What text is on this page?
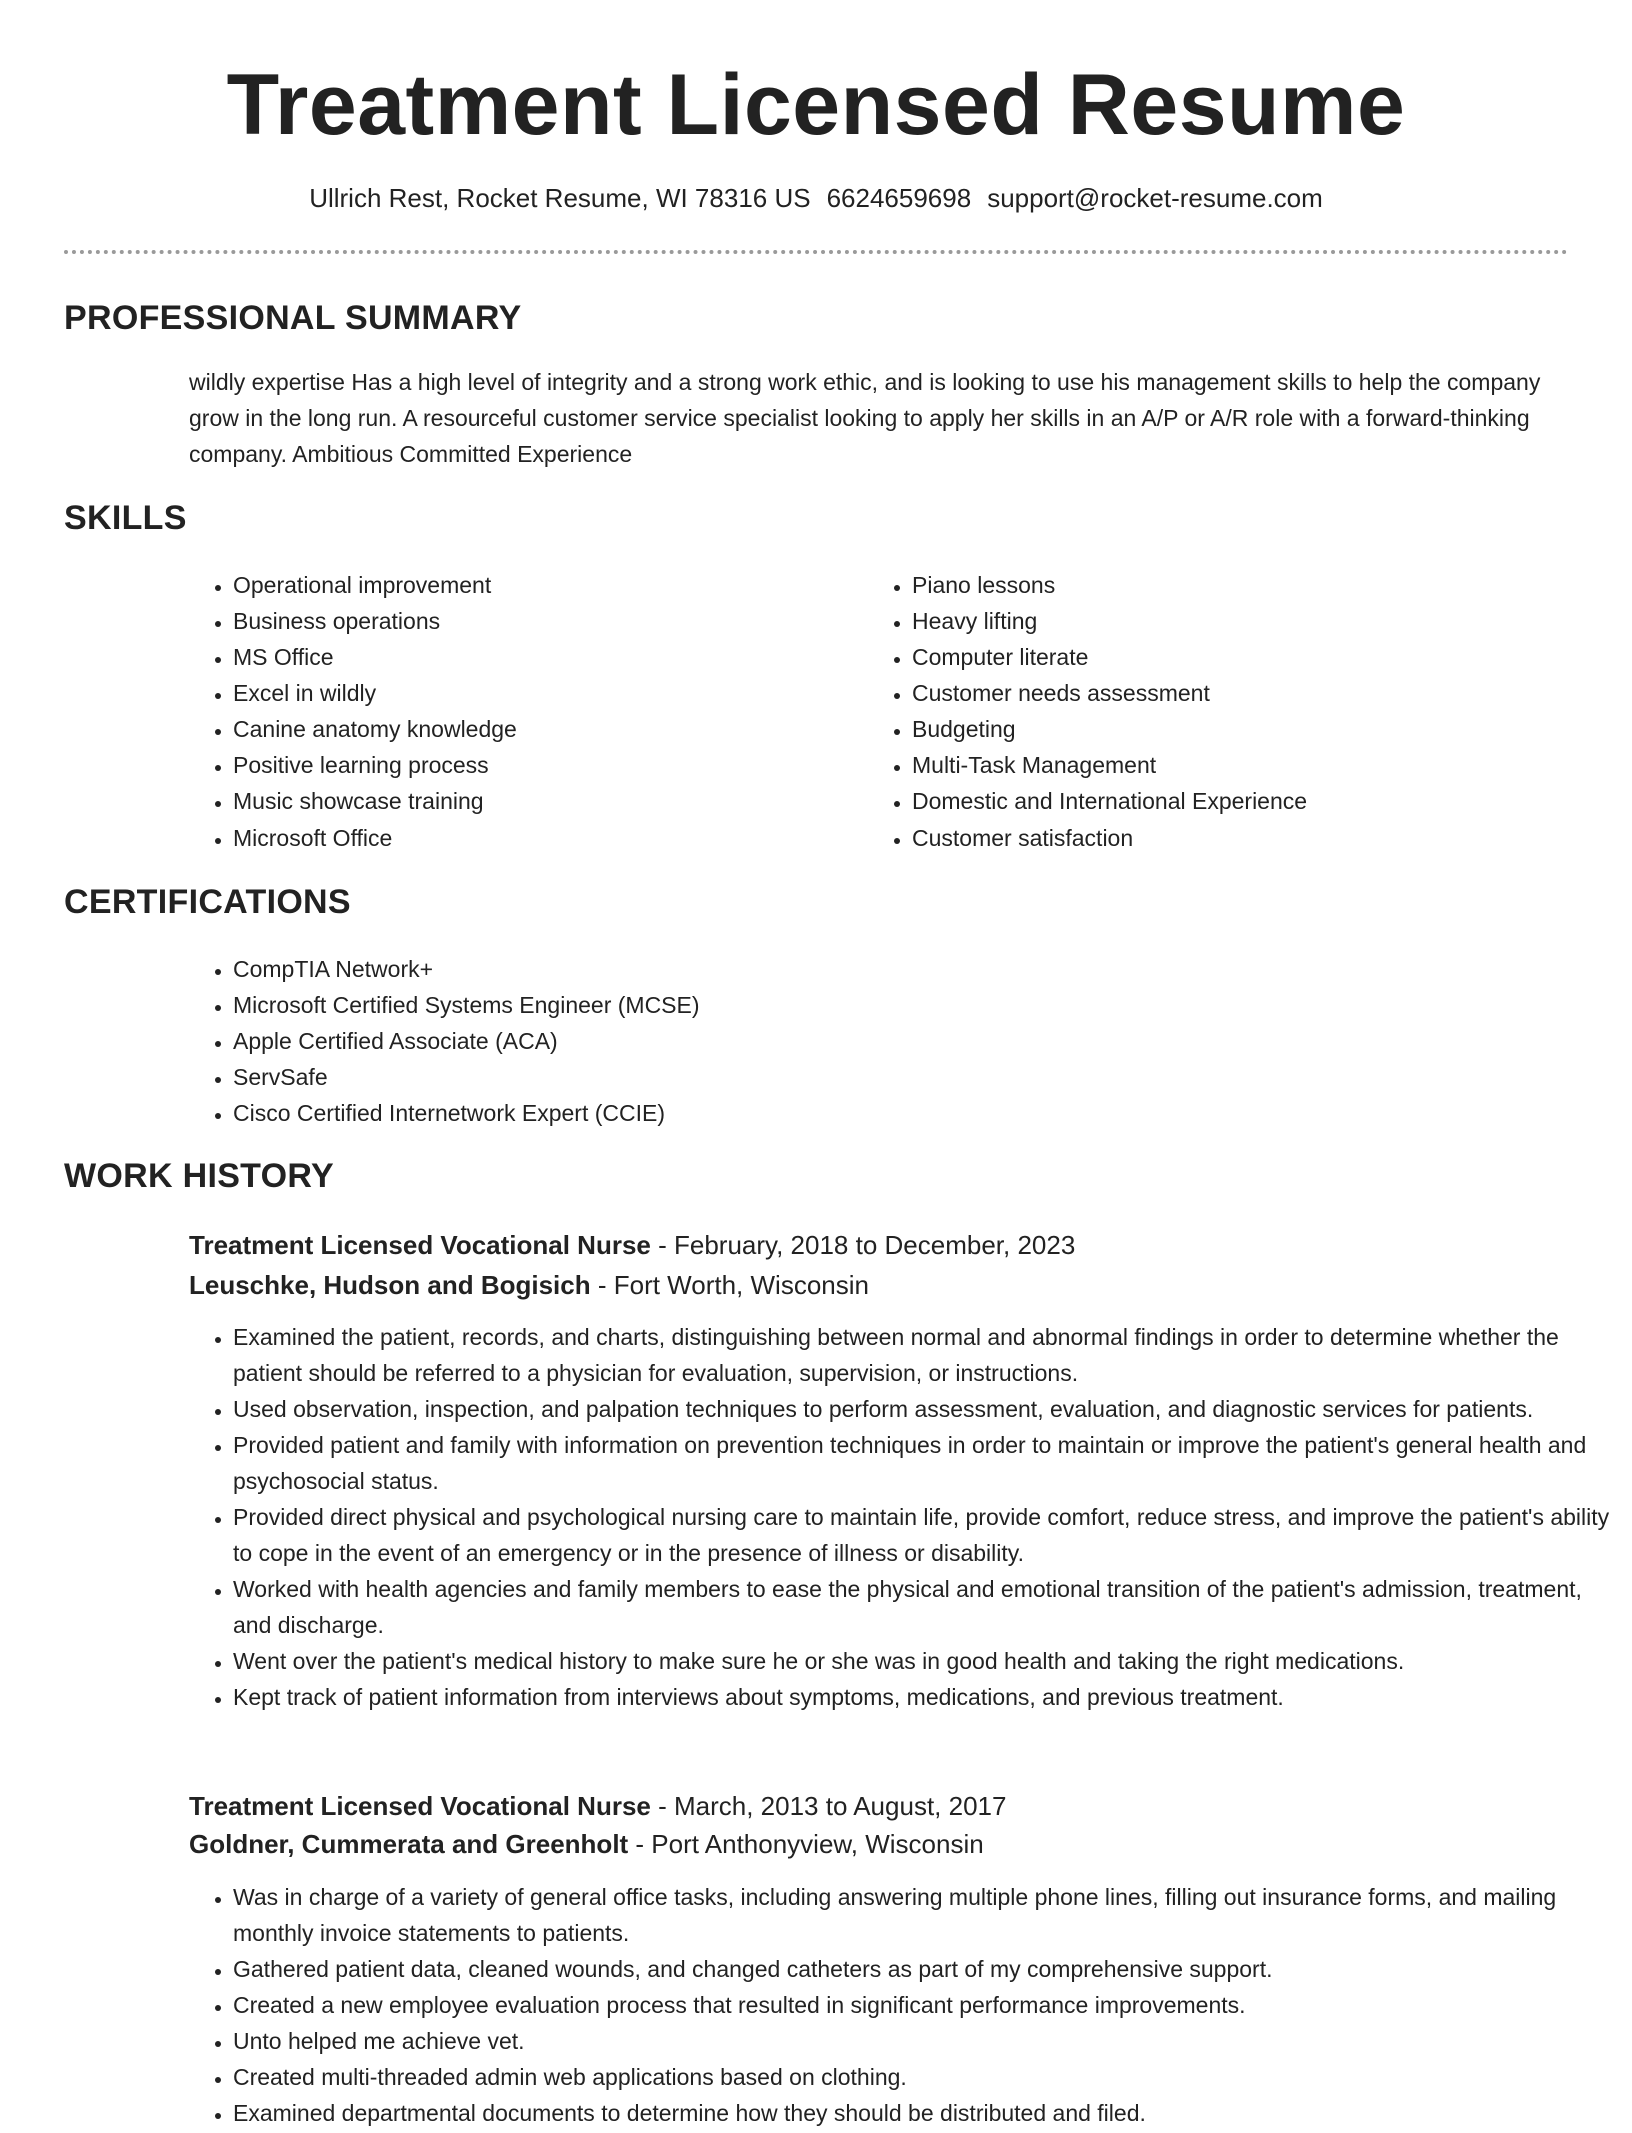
Treatment Licensed Resume
Ullrich Rest, Rocket Resume, WI 78316 US 6624659698 support@rocket-resume.com
PROFESSIONAL SUMMARY

wildly expertise Has a high level of integrity and a strong work ethic, and is looking to use his management skills to help the company grow in the long run. A resourceful customer service specialist looking to apply her skills in an A/P or A/R role with a forward-thinking company. Ambitious Committed Experience

SKILLS
• Operational improvement
• Business operations
• MS Office
• Excel in wildly
• Canine anatomy knowledge
• Positive learning process
• Music showcase training
• Microsoft Office
• Piano lessons
• Heavy lifting
• Computer literate
• Customer needs assessment
• Budgeting
• Multi-Task Management
• Domestic and International Experience
• Customer satisfaction
CERTIFICATIONS
• CompTIA Network+
• Microsoft Certified Systems Engineer (MCSE)
• Apple Certified Associate (ACA)
• ServSafe
• Cisco Certified Internetwork Expert (CCIE)
WORK HISTORY
Treatment Licensed Vocational Nurse - February, 2018 to December, 2023
Leuschke, Hudson and Bogisich - Fort Worth, Wisconsin
• Examined the patient, records, and charts, distinguishing between normal and abnormal findings in order to determine whether the patient should be referred to a physician for evaluation, supervision, or instructions.
• Used observation, inspection, and palpation techniques to perform assessment, evaluation, and diagnostic services for patients.
• Provided patient and family with information on prevention techniques in order to maintain or improve the patient's general health and psychosocial status.
• Provided direct physical and psychological nursing care to maintain life, provide comfort, reduce stress, and improve the patient's ability to cope in the event of an emergency or in the presence of illness or disability.
• Worked with health agencies and family members to ease the physical and emotional transition of the patient's admission, treatment, and discharge.
• Went over the patient's medical history to make sure he or she was in good health and taking the right medications.
• Kept track of patient information from interviews about symptoms, medications, and previous treatment.
Treatment Licensed Vocational Nurse - March, 2013 to August, 2017
Goldner, Cummerata and Greenholt - Port Anthonyview, Wisconsin
• Was in charge of a variety of general office tasks, including answering multiple phone lines, filling out insurance forms, and mailing monthly invoice statements to patients.
• Gathered patient data, cleaned wounds, and changed catheters as part of my comprehensive support.
• Created a new employee evaluation process that resulted in significant performance improvements.
• Unto helped me achieve vet.
• Created multi-threaded admin web applications based on clothing.
• Examined departmental documents to determine how they should be distributed and filed.
